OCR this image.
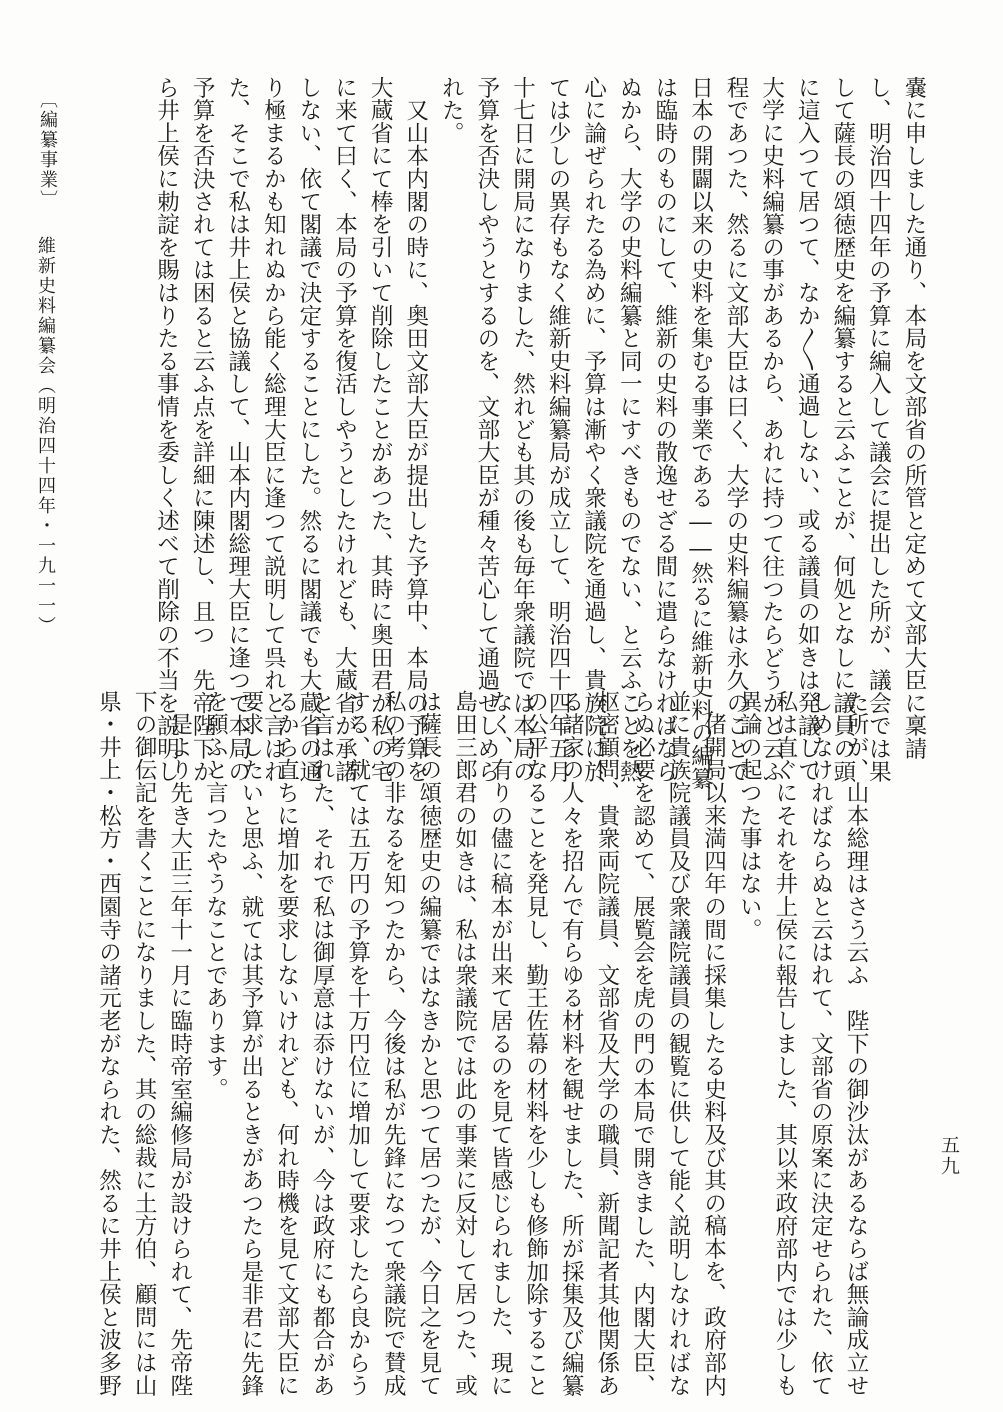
五九

嚢に申しました通り、本局を文部省の所管と定めて文部大臣に稟請

し、明治四十四年の予算に編入して議会に提出した所が、議会では果

して薩長の頌徳歴史を編纂すると云ふことが、何処となしに議員の頭

に這入つて居つて、なか〳〵通過しない、或る議員の如きは発議して

大学に史料編纂の事があるから、あれに持つて往つたらどうかと云ふ

程であつた、然るに文部大臣は曰く、大学の史料編纂は永久のことで

日本の開闢以来の史料を集むる事業である――然るに維新史料の編纂

は臨時のものにして、維新の史料の散逸せざる間に遣らなければなら

ぬから、大学の史料編纂と同一にすべきものでない、と云ふことを熱

心に論ぜられたる為めに、予算は漸やく衆議院を通過し、貴族院に於

ては少しの異存もなく維新史料編纂局が成立して、明治四十四年五月

十七日に開局になりました、然れども其の後も毎年衆議院では本局の

予算を否決しやうとするのを、文部大臣が種々苦心して通過せしめら

れた。

　又山本内閣の時に、奥田文部大臣が提出した予算中、本局の予算を

大蔵省にて棒を引いて削除したことがあつた、其時に奥田君が私の宅

に来て曰く、本局の予算を復活しやうとしたけれども、大蔵省が承諾

しない、依て閣議で決定することにした。然るに閣議でも大蔵省の通

り極まるかも知れぬから能く総理大臣に逢つて説明して呉れと言はれ

た、そこで私は井上侯と協議して、山本内閣総理大臣に逢つて本局の

予算を否決されては困ると云ふ点を詳細に陳述し、且つ　先帝陛下か

ら井上侯に勅諚を賜はりたる事情を委しく述べて削除の不当を説明し

た所が、山本総理はさう云ふ　陛下の御沙汰があるならば無論成立せ

しめなければならぬと云はれて、文部省の原案に決定せられた、依て

私は直ぐにそれを井上侯に報告しました、其以来政府部内では少しも

異論の起つた事はない。

　偖開局以来満四年の間に採集したる史料及び其の稿本を、政府部内

並に貴族院議員及び衆議院議員の観覧に供して能く説明しなければな

らぬ必要を認めて、展覧会を虎の門の本局で開きました、内閣大臣、

枢密顧問、貴衆両院議員、文部省及大学の職員、新聞記者其他関係あ

る諸家の人々を招んで有らゆる材料を観せました、所が採集及び編纂

の公平なることを発見し、勤王佐幕の材料を少しも修飾加除すること

なく、有りの儘に稿本が出来て居るのを見て皆感じられました、現に

島田三郎君の如きは、私は衆議院では此の事業に反対して居つた、或

は薩長の頌徳歴史の編纂ではなきかと思つて居つたが、今日之を見て

私の考の非なるを知つたから、今後は私が先鋒になつて衆議院で賛成

する、就ては五万円の予算を十万円位に増加して要求したら良からう

と言はれた、それで私は御厚意は忝けないが、今は政府にも都合があ

るから直ちに増加を要求しないけれども、何れ時機を見て文部大臣に

要求したいと思ふ、就ては其予算が出るときがあつたら是非君に先鋒

を願ふと言つたやうなことであります。

　是より先き大正三年十一月に臨時帝室編修局が設けられて、先帝陛

下の御伝記を書くことになりました、其の総裁に土方伯、顧問には山

県・井上・松方・西園寺の諸元老がなられた、然るに井上侯と波多野

維新史料編纂会（明治四十四年・一九一一）
〔編纂事業〕
